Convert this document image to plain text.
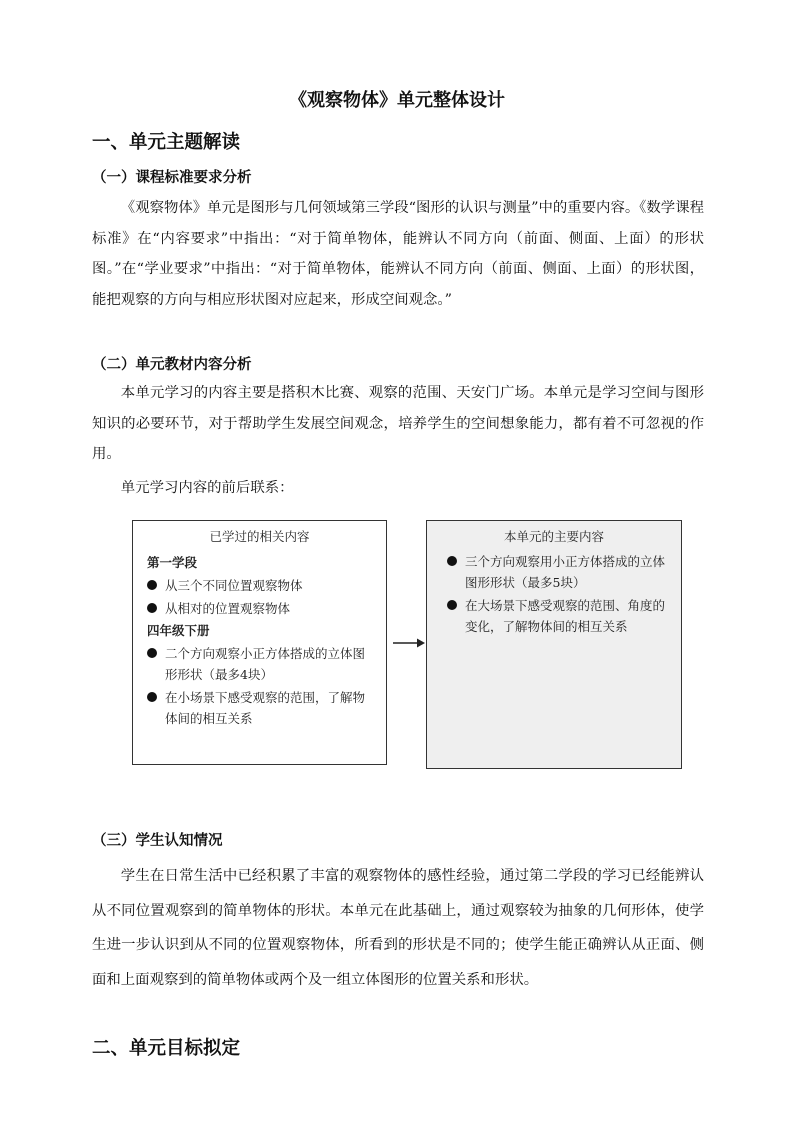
《观察物体》单元整体设计
一、单元主题解读
（一）课程标准要求分析

《观察物体》单元是图形与几何领域第三学段“图形的认识与测量”中的重要内容。《数学课程标准》在“内容要求”中指出：“对于简单物体，能辨认不同方向（前面、侧面、上面）的形状图。”在“学业要求”中指出：“对于简单物体，能辨认不同方向（前面、侧面、上面）的形状图，能把观察的方向与相应形状图对应起来，形成空间观念。”

（二）单元教材内容分析

本单元学习的内容主要是搭积木比赛、观察的范围、天安门广场。本单元是学习空间与图形知识的必要环节，对于帮助学生发展空间观念，培养学生的空间想象能力，都有着不可忽视的作用。

单元学习内容的前后联系：
已学过的相关内容
第一学段
从三个不同位置观察物体
从相对的位置观察物体
四年级下册
二个方向观察小正方体搭成的立体图形形状（最多4块）
在小场景下感受观察的范围，了解物体间的相互关系
本单元的主要内容
三个方向观察用小正方体搭成的立体图形形状（最多5块）
在大场景下感受观察的范围、角度的变化，了解物体间的相互关系
（三）学生认知情况

学生在日常生活中已经积累了丰富的观察物体的感性经验，通过第二学段的学习已经能辨认从不同位置观察到的简单物体的形状。本单元在此基础上，通过观察较为抽象的几何形体，使学生进一步认识到从不同的位置观察物体，所看到的形状是不同的；使学生能正确辨认从正面、侧面和上面观察到的简单物体或两个及一组立体图形的位置关系和形状。

二、单元目标拟定
